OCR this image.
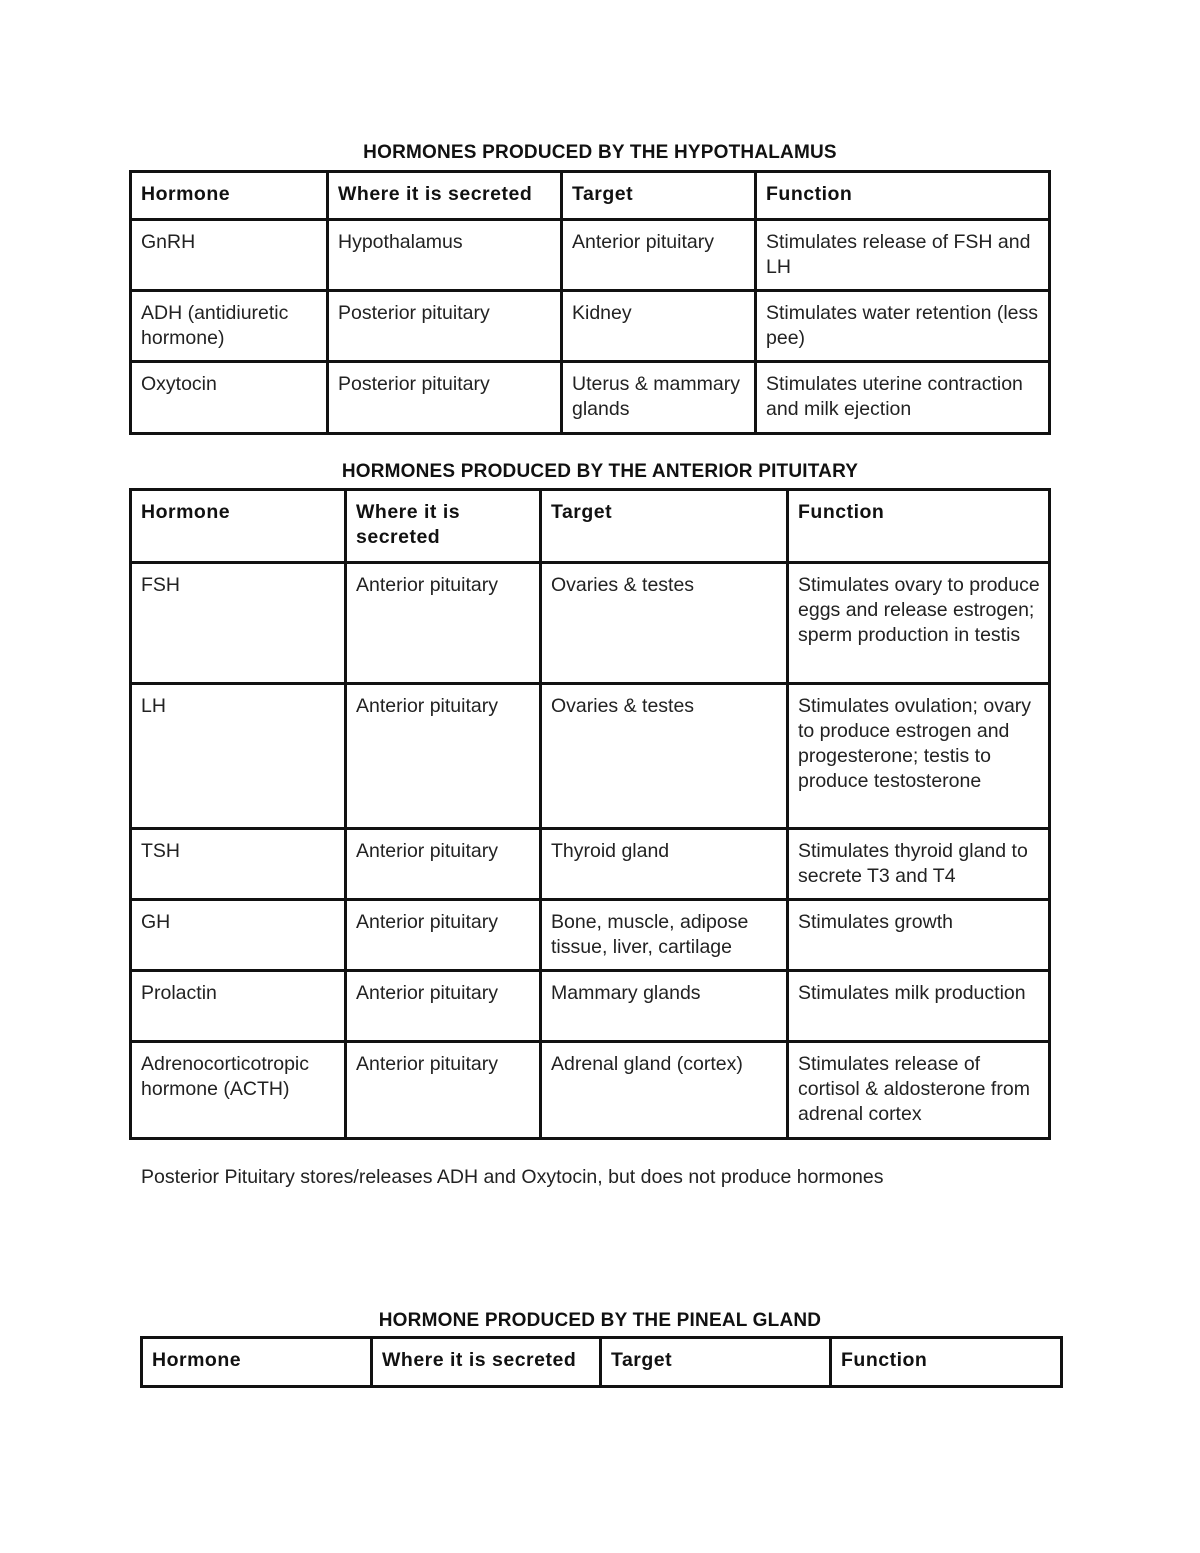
HORMONES PRODUCED BY THE HYPOTHALAMUS
Hormone	Where it is secreted	Target	Function
GnRH	Hypothalamus	Anterior pituitary	Stimulates release of FSH and LH
ADH (antidiuretic hormone)	Posterior pituitary	Kidney	Stimulates water retention (less pee)
Oxytocin	Posterior pituitary	Uterus & mammary glands	Stimulates uterine contraction and milk ejection
HORMONES PRODUCED BY THE ANTERIOR PITUITARY
Hormone	Where it is secreted	Target	Function
FSH	Anterior pituitary	Ovaries & testes	Stimulates ovary to produce eggs and release estrogen; sperm production in testis
LH	Anterior pituitary	Ovaries & testes	Stimulates ovulation; ovary to produce estrogen and progesterone; testis to produce testosterone
TSH	Anterior pituitary	Thyroid gland	Stimulates thyroid gland to secrete T3 and T4
GH	Anterior pituitary	Bone, muscle, adipose tissue, liver, cartilage	Stimulates growth
Prolactin	Anterior pituitary	Mammary glands	Stimulates milk production
Adrenocorticotropic hormone (ACTH)	Anterior pituitary	Adrenal gland (cortex)	Stimulates release of cortisol & aldosterone from adrenal cortex
Posterior Pituitary stores/releases ADH and Oxytocin, but does not produce hormones
HORMONE PRODUCED BY THE PINEAL GLAND
Hormone	Where it is secreted	Target	Function
